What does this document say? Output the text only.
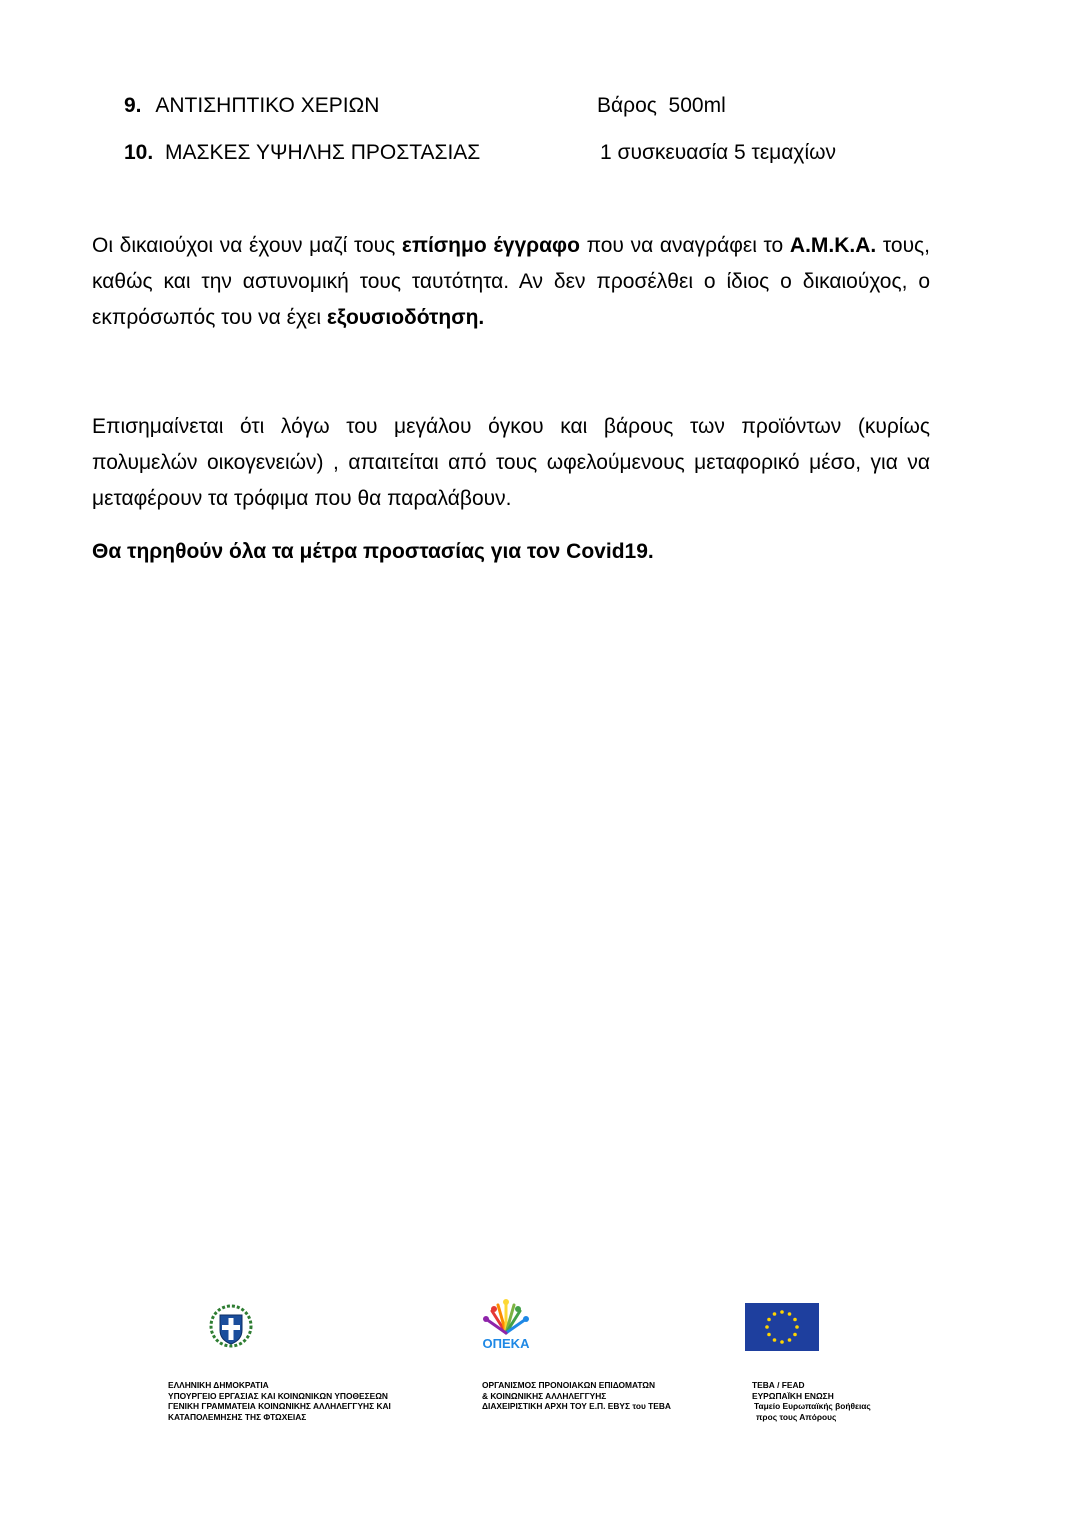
9. ΑΝΤΙΣΗΠΤΙΚΟ ΧΕΡΙΩΝ	Βάρος  500ml
10. ΜΑΣΚΕΣ ΥΨΗΛΗΣ ΠΡΟΣΤΑΣΙΑΣ	1 συσκευασία 5 τεμαχίων

Οι δικαιούχοι να έχουν μαζί τους επίσημο έγγραφο που να αναγράφει το Α.Μ.Κ.Α. τους, καθώς και την αστυνομική τους ταυτότητα. Αν δεν προσέλθει ο ίδιος ο δικαιούχος, ο εκπρόσωπός του να έχει εξουσιοδότηση.

Επισημαίνεται ότι λόγω του μεγάλου όγκου και βάρους των προϊόντων (κυρίως πολυμελών οικογενειών) , απαιτείται από τους ωφελούμενους μεταφορικό μέσο, για να μεταφέρουν τα τρόφιμα που θα παραλάβουν.

Θα τηρηθούν όλα τα μέτρα προστασίας για τον Covid19.
ΟΠΕΚΑ
ΕΛΛΗΝΙΚΗ ΔΗΜΟΚΡΑΤΙΑ
ΥΠΟΥΡΓΕΙΟ ΕΡΓΑΣΙΑΣ ΚΑΙ ΚΟΙΝΩΝΙΚΩΝ ΥΠΟΘΕΣΕΩΝ
ΓΕΝΙΚΗ ΓΡΑΜΜΑΤΕΙΑ ΚΟΙΝΩΝΙΚΗΣ ΑΛΛΗΛΕΓΓΥΗΣ ΚΑΙ
ΚΑΤΑΠΟΛΕΜΗΣΗΣ ΤΗΣ ΦΤΩΧΕΙΑΣ
ΟΡΓΑΝΙΣΜΟΣ ΠΡΟΝΟΙΑΚΩΝ ΕΠΙΔΟΜΑΤΩΝ
& ΚΟΙΝΩΝΙΚΗΣ ΑΛΛΗΛΕΓΓΥΗΣ
ΔΙΑΧΕΙΡΙΣΤΙΚΗ ΑΡΧΗ ΤΟΥ Ε.Π. ΕΒΥΣ του ΤΕΒΑ
ΤΕΒΑ / FEAD
ΕΥΡΩΠΑΪΚΗ ΕΝΩΣΗ
Ταμείο Ευρωπαϊκής βοήθειας
προς τους Απόρους
